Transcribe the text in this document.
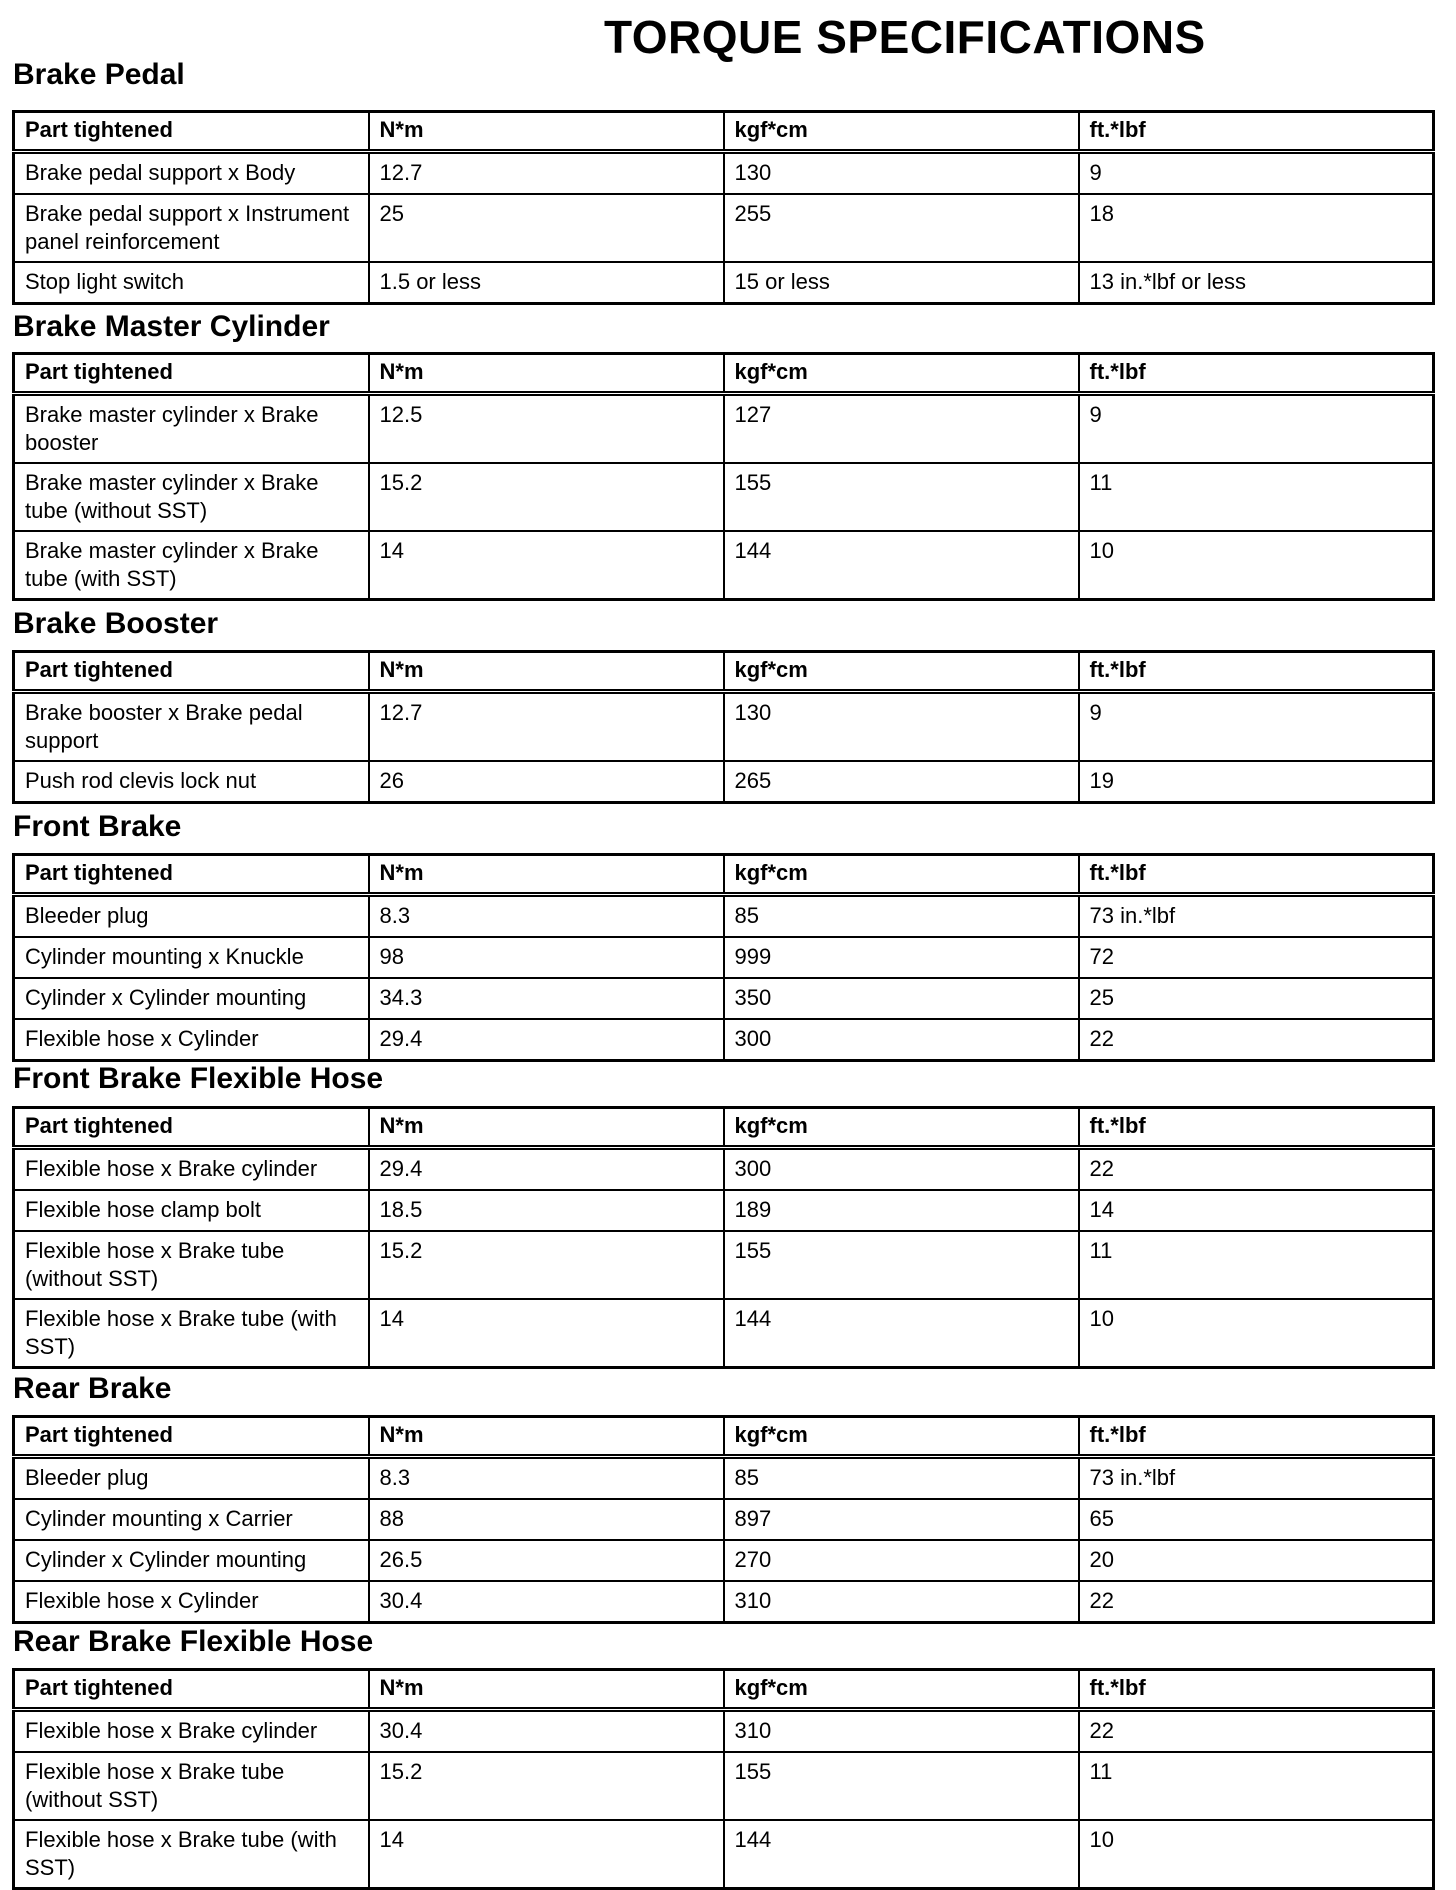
TORQUE SPECIFICATIONS
Brake Pedal
Part tightened	N*m	kgf*cm	ft.*lbf
Brake pedal support x Body	12.7	130	9
Brake pedal support x Instrument panel reinforcement	25	255	18
Stop light switch	1.5 or less	15 or less	13 in.*lbf or less
Brake Master Cylinder
Part tightened	N*m	kgf*cm	ft.*lbf
Brake master cylinder x Brake booster	12.5	127	9
Brake master cylinder x Brake tube (without SST)	15.2	155	11
Brake master cylinder x Brake tube (with SST)	14	144	10
Brake Booster
Part tightened	N*m	kgf*cm	ft.*lbf
Brake booster x Brake pedal support	12.7	130	9
Push rod clevis lock nut	26	265	19
Front Brake
Part tightened	N*m	kgf*cm	ft.*lbf
Bleeder plug	8.3	85	73 in.*lbf
Cylinder mounting x Knuckle	98	999	72
Cylinder x Cylinder mounting	34.3	350	25
Flexible hose x Cylinder	29.4	300	22
Front Brake Flexible Hose
Part tightened	N*m	kgf*cm	ft.*lbf
Flexible hose x Brake cylinder	29.4	300	22
Flexible hose clamp bolt	18.5	189	14
Flexible hose x Brake tube (without SST)	15.2	155	11
Flexible hose x Brake tube (with SST)	14	144	10
Rear Brake
Part tightened	N*m	kgf*cm	ft.*lbf
Bleeder plug	8.3	85	73 in.*lbf
Cylinder mounting x Carrier	88	897	65
Cylinder x Cylinder mounting	26.5	270	20
Flexible hose x Cylinder	30.4	310	22
Rear Brake Flexible Hose
Part tightened	N*m	kgf*cm	ft.*lbf
Flexible hose x Brake cylinder	30.4	310	22
Flexible hose x Brake tube (without SST)	15.2	155	11
Flexible hose x Brake tube (with SST)	14	144	10
